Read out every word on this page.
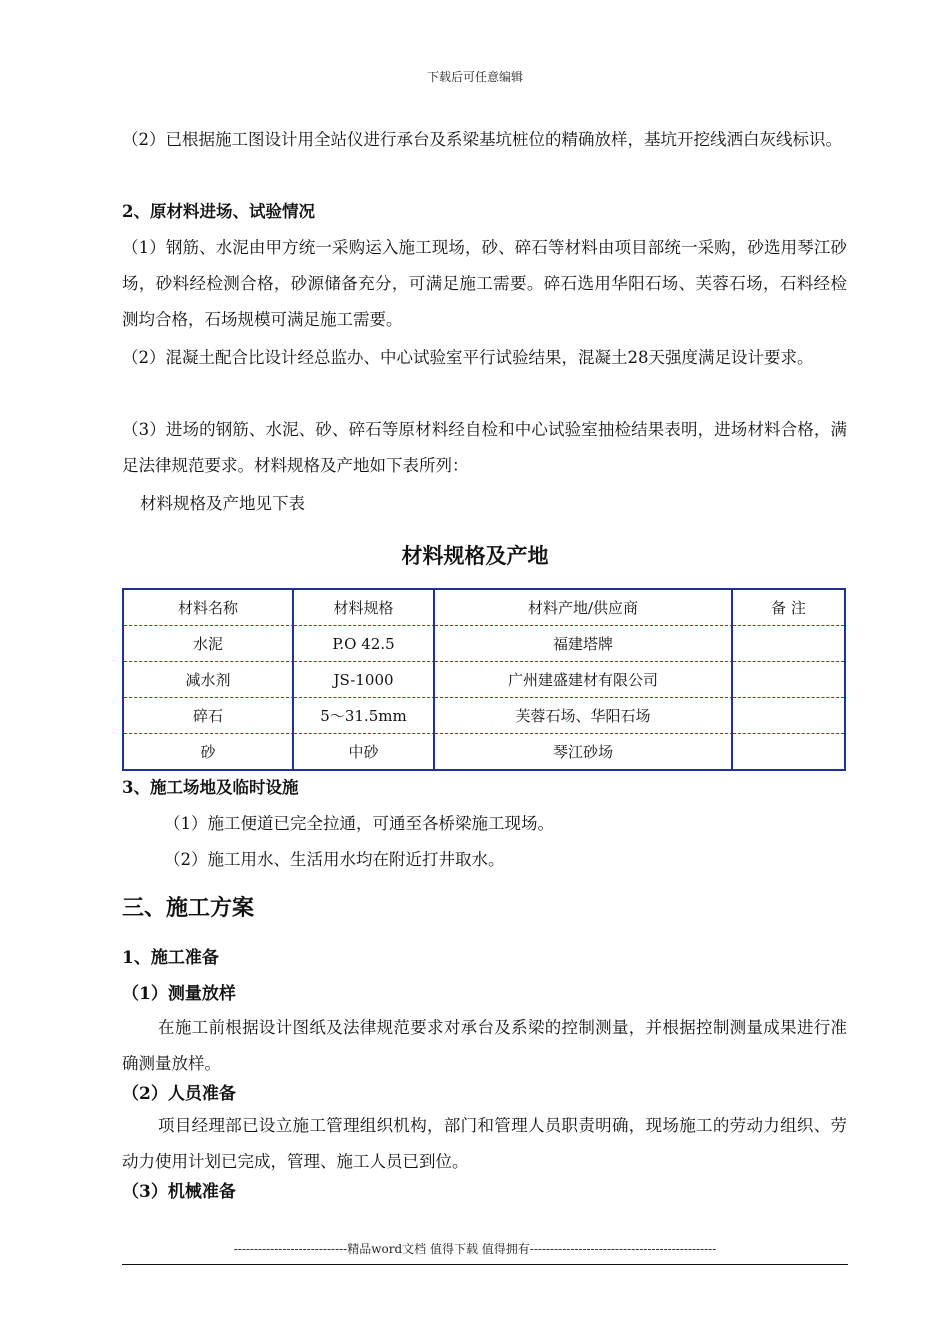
下载后可任意编辑
（2）已根据施工图设计用全站仪进行承台及系梁基坑桩位的精确放样，基坑开挖线洒白灰线标识。
2、原材料进场、试验情况
（1）钢筋、水泥由甲方统一采购运入施工现场，砂、碎石等材料由项目部统一采购，砂选用琴江砂场，砂料经检测合格，砂源储备充分，可满足施工需要。碎石选用华阳石场、芙蓉石场，石料经检测均合格，石场规模可满足施工需要。
（2）混凝土配合比设计经总监办、中心试验室平行试验结果，混凝土28天强度满足设计要求。
（3）进场的钢筋、水泥、砂、碎石等原材料经自检和中心试验室抽检结果表明，进场材料合格，满足法律规范要求。材料规格及产地如下表所列：
材料规格及产地见下表
材料规格及产地
材料名称	材料规格	材料产地/供应商	备 注
水泥	P.O 42.5	福建塔牌	
减水剂	JS-1000	广州建盛建材有限公司	
碎石	5～31.5mm	芙蓉石场、华阳石场	
砂	中砂	琴江砂场	
3、施工场地及临时设施
（1）施工便道已完全拉通，可通至各桥梁施工现场。
（2）施工用水、生活用水均在附近打井取水。
三、施工方案
1、施工准备
（1）测量放样
在施工前根据设计图纸及法律规范要求对承台及系梁的控制测量，并根据控制测量成果进行准确测量放样。
（2）人员准备
项目经理部已设立施工管理组织机构，部门和管理人员职责明确，现场施工的劳动力组织、劳动力使用计划已完成，管理、施工人员已到位。
（3）机械准备
----------------------------精品word文档 值得下载 值得拥有----------------------------------------------
